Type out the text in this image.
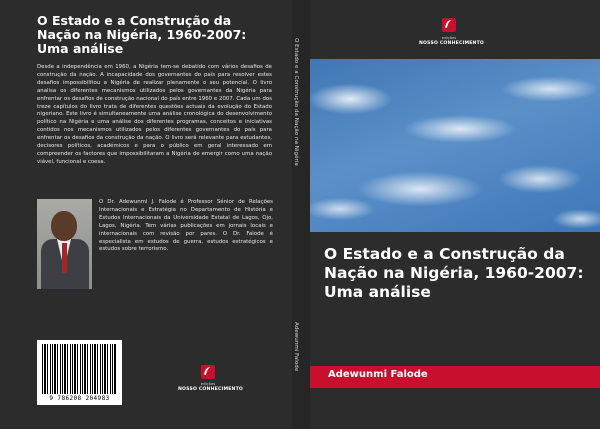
O Estado e a Construção da Nação na Nigéria, 1960-2007: Uma análise
Desde a independência em 1960, a Nigéria tem-se debatido com vários desafios de construção da nação. A incapacidade dos governantes do país para resolver estes desafios impossibilitou a Nigéria de realizar plenamente o seu potencial. O livro analisa os diferentes mecanismos utilizados pelos governantes da Nigéria para enfrentar os desafios de construção nacional do país entre 1960 e 2007. Cada um dos treze capítulos do livro trata de diferentes questões actuais da evolução do Estado nigeriano. Este livro é simultaneamente uma análise cronológica do desenvolvimento político na Nigéria e uma análise dos diferentes programas, conceitos e iniciativas contidos nos mecanismos utilizados pelos diferentes governantes do país para enfrentar os desafios da construção da nação. O livro será relevante para estudantes, decisores políticos, académicos e para o público em geral interessado em compreender os factores que impossibilitaram a Nigéria de emergir como uma nação viável, funcional e coesa.
O Dr. Adewunmi J. Falode é Professor Sénior de Relações Internacionais e Estratégia no Departamento de História e Estudos Internacionais da Universidade Estatal de Lagos, Ojo, Lagos, Nigéria. Tem várias publicações em jornais locais e internacionais com revisão por pares. O Dr. Falode é especialista em estudos de guerra, estudos estratégicos e estudos sobre terrorismo.
9 786208 204983
edições
NOSSO CONHECIMENTO
O Estado e a Construção da Nação na Nigéria
Adewunmi Falode
edições
NOSSO CONHECIMENTO
O Estado e a Construção da Nação na Nigéria, 1960-2007: Uma análise
Adewunmi Falode
